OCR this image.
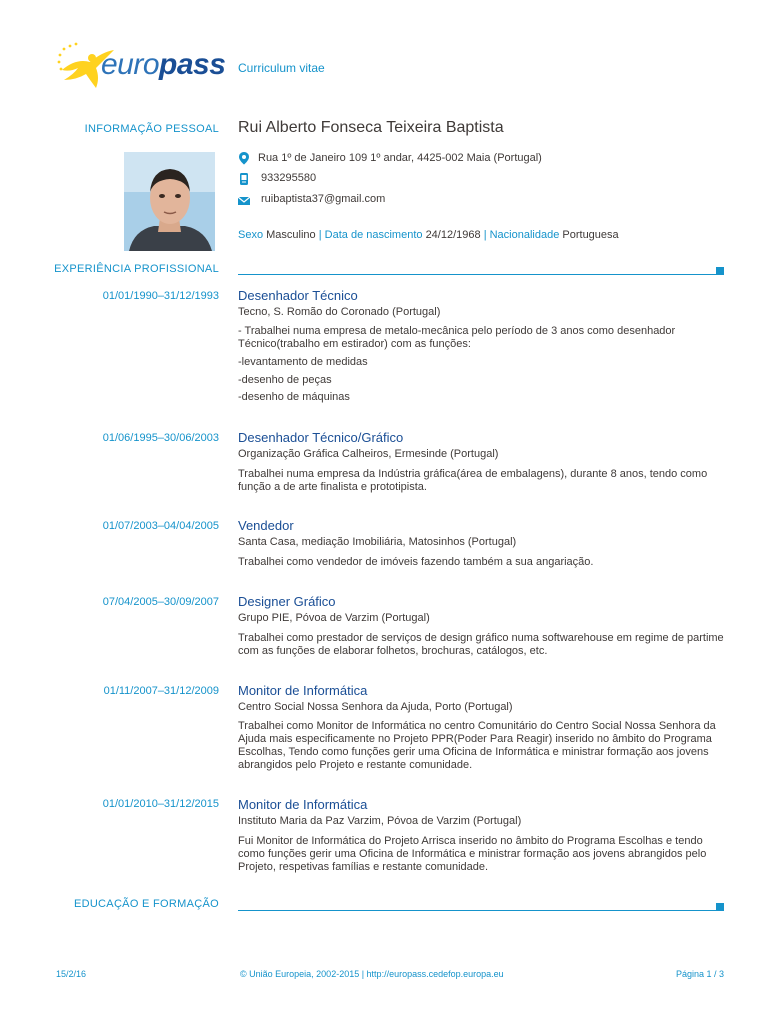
europass Curriculum vitae
INFORMAÇÃO PESSOAL Rui Alberto Fonseca Teixeira Baptista
Rua 1º de Janeiro 109 1º andar, 4425-002 Maia (Portugal)
933295580
ruibaptista37@gmail.com
Sexo Masculino | Data de nascimento 24/12/1968 | Nacionalidade Portuguesa
EXPERIÊNCIA PROFISSIONAL
01/01/1990–31/12/1993 Desenhador Técnico
Tecno, S. Romão do Coronado (Portugal)
- Trabalhei numa empresa de metalo-mecânica pelo período de 3 anos como desenhador Técnico(trabalho em estirador) com as funções:
-levantamento de medidas
-desenho de peças
-desenho de máquinas
01/06/1995–30/06/2003 Desenhador Técnico/Gráfico
Organização Gráfica Calheiros, Ermesinde (Portugal)
Trabalhei numa empresa da Indústria gráfica(área de embalagens), durante 8 anos, tendo como função a de arte finalista e prototipista.
01/07/2003–04/04/2005 Vendedor
Santa Casa, mediação Imobiliária, Matosinhos (Portugal)
Trabalhei como vendedor de imóveis fazendo também a sua angariação.
07/04/2005–30/09/2007 Designer Gráfico
Grupo PIE, Póvoa de Varzim (Portugal)
Trabalhei como prestador de serviços de design gráfico numa softwarehouse em regime de partime com as funções de elaborar folhetos, brochuras, catálogos, etc.
01/11/2007–31/12/2009 Monitor de Informática
Centro Social Nossa Senhora da Ajuda, Porto (Portugal)
Trabalhei como Monitor de Informática no centro Comunitário do Centro Social Nossa Senhora da Ajuda mais especificamente no Projeto PPR(Poder Para Reagir) inserido no âmbito do Programa Escolhas, Tendo como funções gerir uma Oficina de Informática e ministrar formação aos jovens abrangidos pelo Projeto e restante comunidade.
01/01/2010–31/12/2015 Monitor de Informática
Instituto Maria da Paz Varzim, Póvoa de Varzim (Portugal)
Fui Monitor de Informática do Projeto Arrisca inserido no âmbito do Programa Escolhas e tendo como funções gerir uma Oficina de Informática e ministrar formação aos jovens abrangidos pelo Projeto, respetivas famílias e restante comunidade.
EDUCAÇÃO E FORMAÇÃO
15/2/16	© União Europeia, 2002-2015 | http://europass.cedefop.europa.eu	Página 1 / 3
